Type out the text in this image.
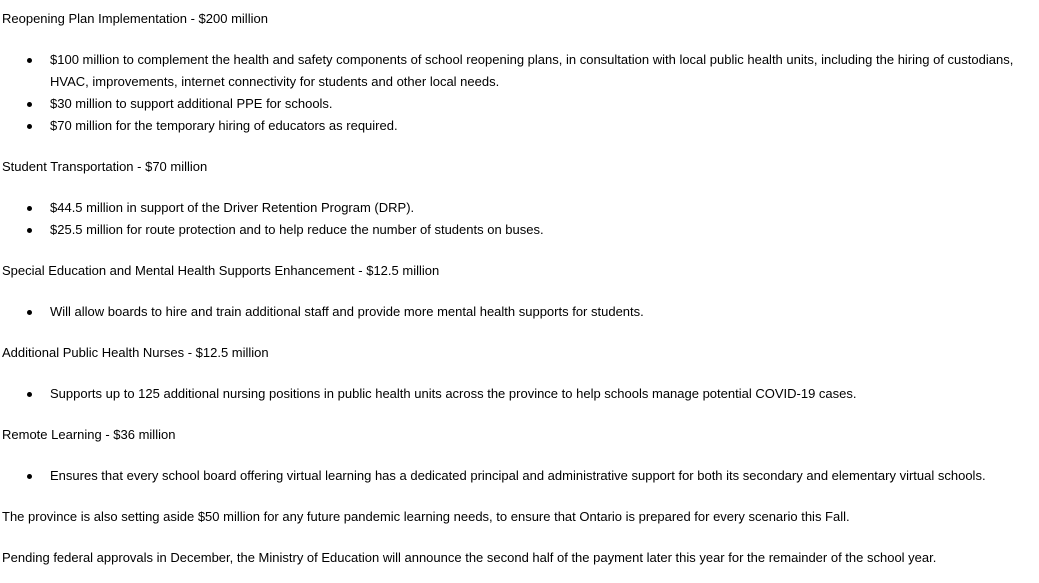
Reopening Plan Implementation - $200 million
$100 million to complement the health and safety components of school reopening plans, in consultation with local public health units, including the hiring of custodians, HVAC, improvements, internet connectivity for students and other local needs.
$30 million to support additional PPE for schools.
$70 million for the temporary hiring of educators as required.
Student Transportation - $70 million
$44.5 million in support of the Driver Retention Program (DRP).
$25.5 million for route protection and to help reduce the number of students on buses.
Special Education and Mental Health Supports Enhancement - $12.5 million
Will allow boards to hire and train additional staff and provide more mental health supports for students.
Additional Public Health Nurses - $12.5 million
Supports up to 125 additional nursing positions in public health units across the province to help schools manage potential COVID-19 cases.
Remote Learning - $36 million
Ensures that every school board offering virtual learning has a dedicated principal and administrative support for both its secondary and elementary virtual schools.
The province is also setting aside $50 million for any future pandemic learning needs, to ensure that Ontario is prepared for every scenario this Fall.
Pending federal approvals in December, the Ministry of Education will announce the second half of the payment later this year for the remainder of the school year.
